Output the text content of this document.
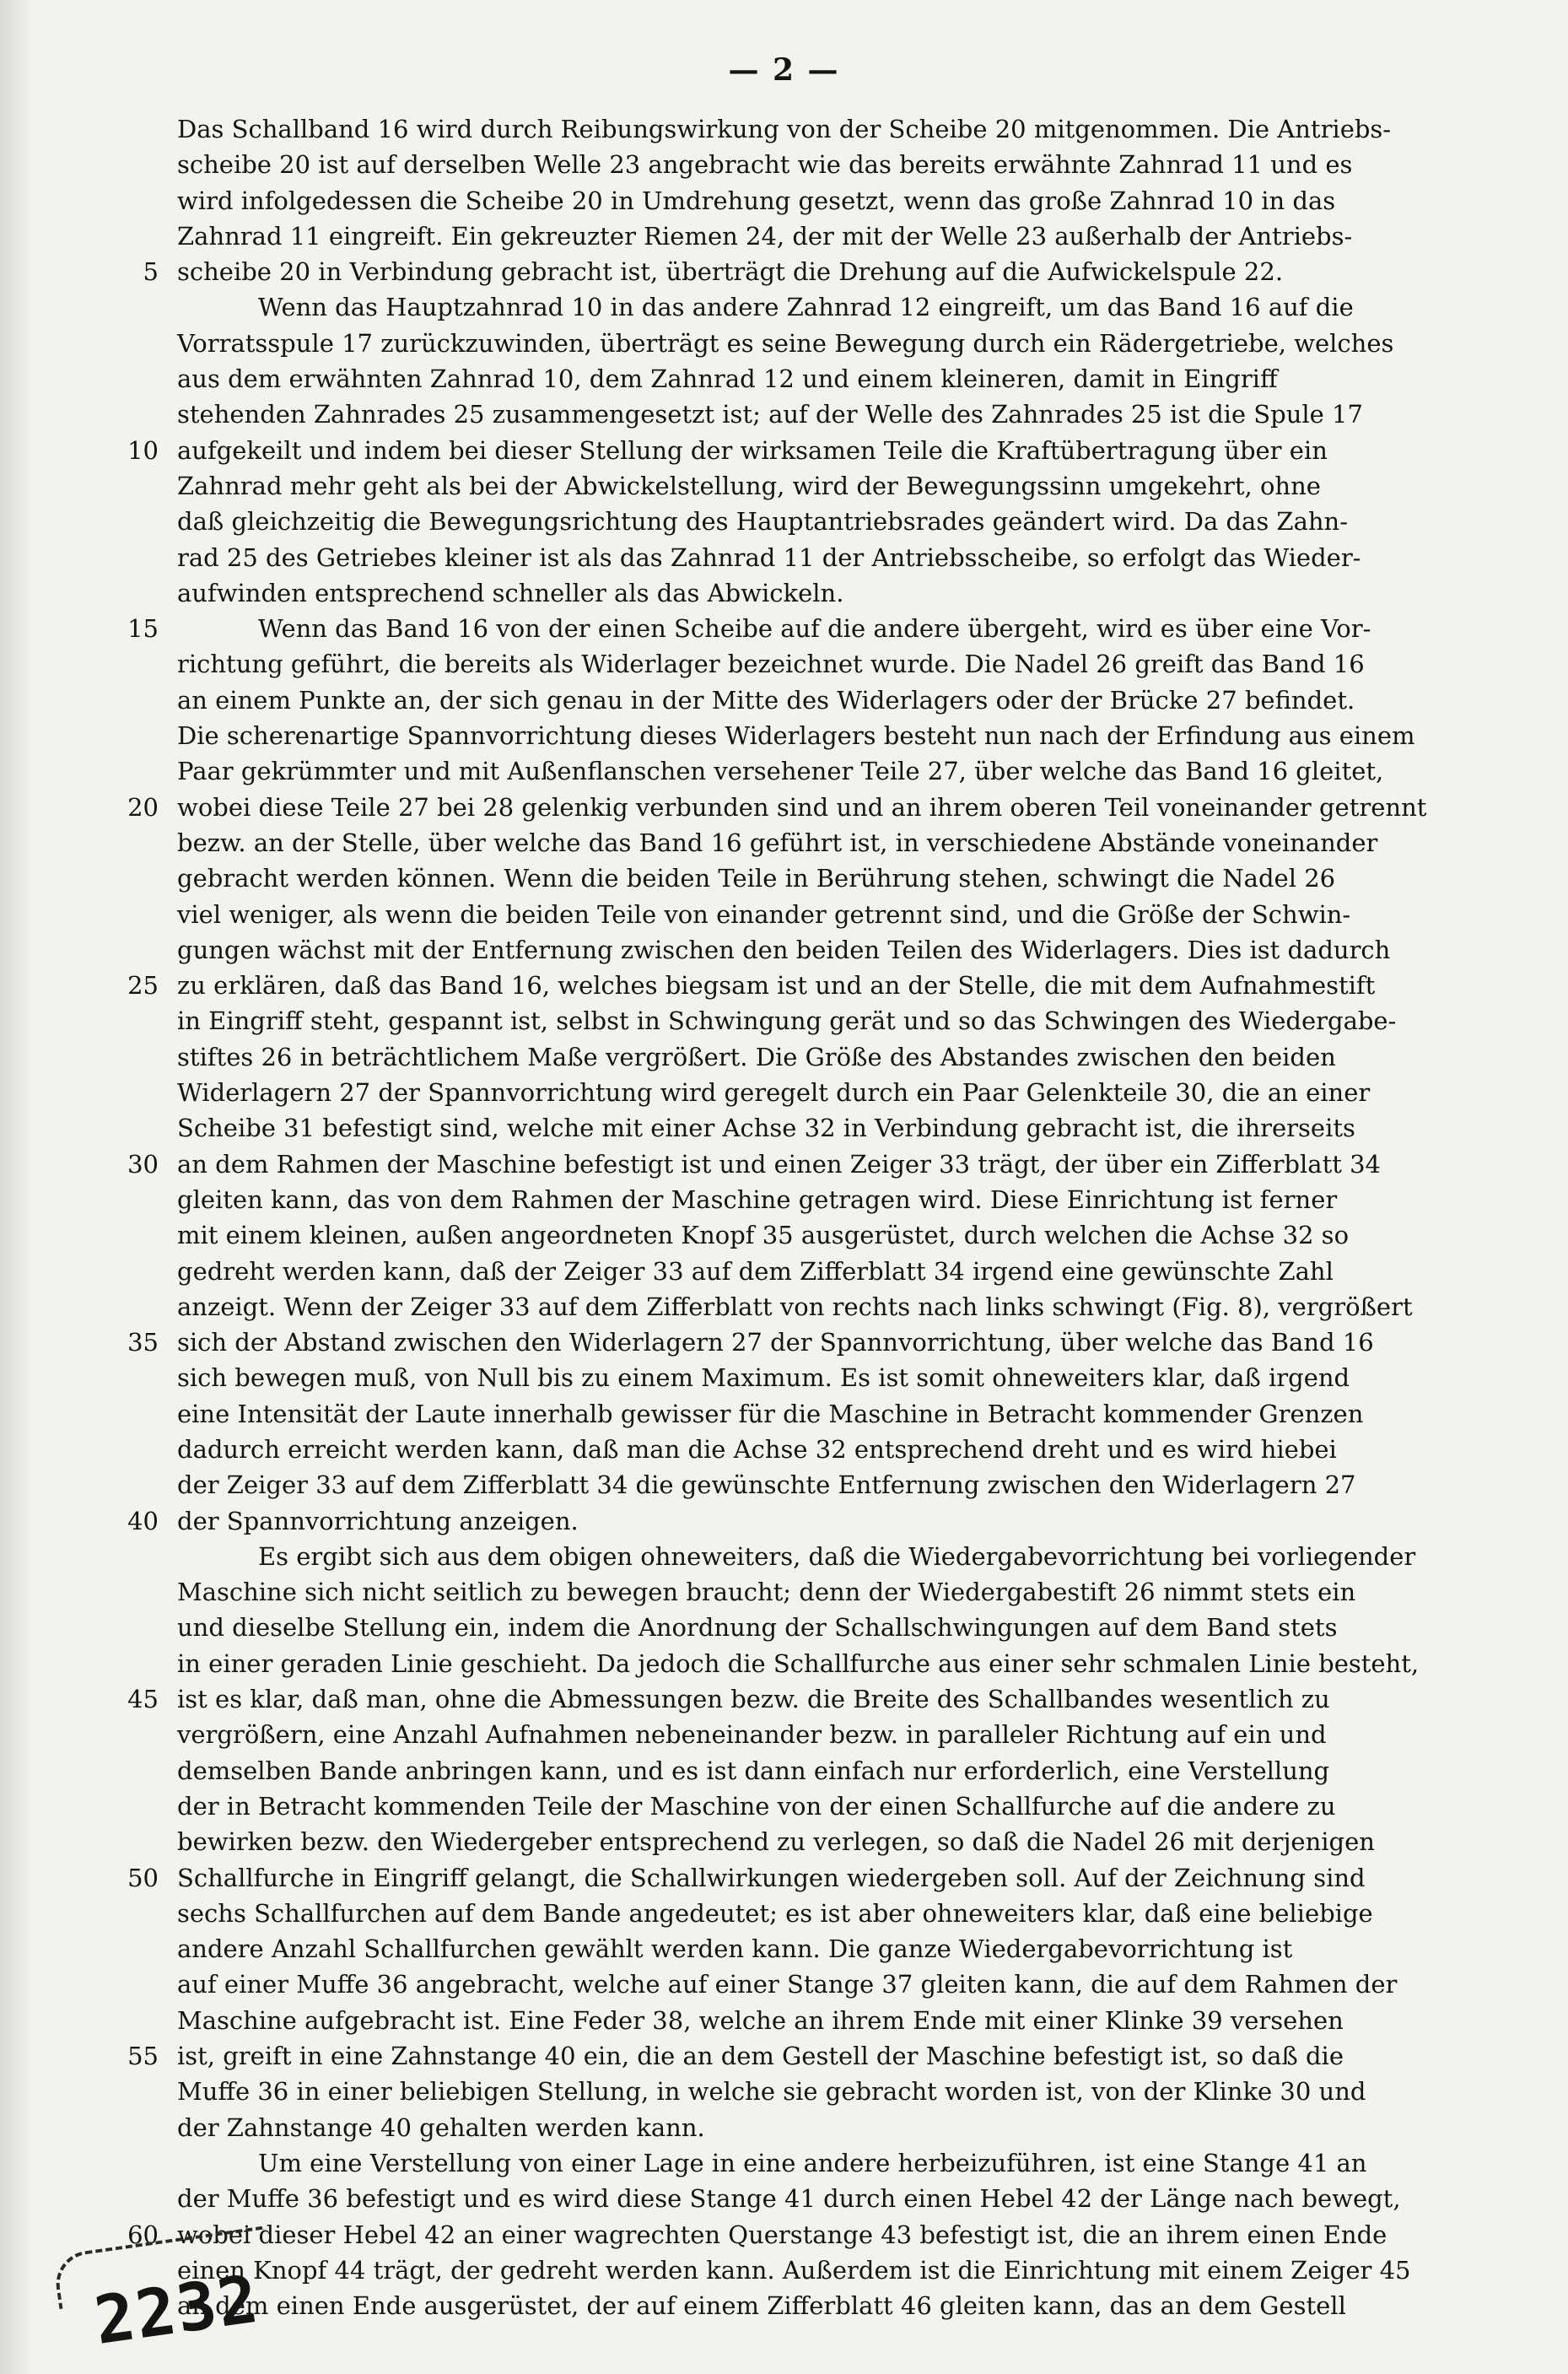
— 2 —
Das Schallband 16 wird durch Reibungswirkung von der Scheibe 20 mitgenommen. Die Antriebs-
scheibe 20 ist auf derselben Welle 23 angebracht wie das bereits erwähnte Zahnrad 11 und es
wird infolgedessen die Scheibe 20 in Umdrehung gesetzt, wenn das große Zahnrad 10 in das
Zahnrad 11 eingreift. Ein gekreuzter Riemen 24, der mit der Welle 23 außerhalb der Antriebs-
5 scheibe 20 in Verbindung gebracht ist, überträgt die Drehung auf die Aufwickelspule 22.
Wenn das Hauptzahnrad 10 in das andere Zahnrad 12 eingreift, um das Band 16 auf die
Vorratsspule 17 zurückzuwinden, überträgt es seine Bewegung durch ein Rädergetriebe, welches
aus dem erwähnten Zahnrad 10, dem Zahnrad 12 und einem kleineren, damit in Eingriff
stehenden Zahnrades 25 zusammengesetzt ist; auf der Welle des Zahnrades 25 ist die Spule 17
10 aufgekeilt und indem bei dieser Stellung der wirksamen Teile die Kraftübertragung über ein
Zahnrad mehr geht als bei der Abwickelstellung, wird der Bewegungssinn umgekehrt, ohne
daß gleichzeitig die Bewegungsrichtung des Hauptantriebsrades geändert wird. Da das Zahn-
rad 25 des Getriebes kleiner ist als das Zahnrad 11 der Antriebsscheibe, so erfolgt das Wieder-
aufwinden entsprechend schneller als das Abwickeln.
15	Wenn das Band 16 von der einen Scheibe auf die andere übergeht, wird es über eine Vor-
richtung geführt, die bereits als Widerlager bezeichnet wurde. Die Nadel 26 greift das Band 16
an einem Punkte an, der sich genau in der Mitte des Widerlagers oder der Brücke 27 befindet.
Die scherenartige Spannvorrichtung dieses Widerlagers besteht nun nach der Erfindung aus einem
Paar gekrümmter und mit Außenflanschen versehener Teile 27, über welche das Band 16 gleitet,
20 wobei diese Teile 27 bei 28 gelenkig verbunden sind und an ihrem oberen Teil voneinander getrennt
bezw. an der Stelle, über welche das Band 16 geführt ist, in verschiedene Abstände voneinander
gebracht werden können. Wenn die beiden Teile in Berührung stehen, schwingt die Nadel 26
viel weniger, als wenn die beiden Teile von einander getrennt sind, und die Größe der Schwin-
gungen wächst mit der Entfernung zwischen den beiden Teilen des Widerlagers. Dies ist dadurch
25 zu erklären, daß das Band 16, welches biegsam ist und an der Stelle, die mit dem Aufnahmestift
in Eingriff steht, gespannt ist, selbst in Schwingung gerät und so das Schwingen des Wiedergabe-
stiftes 26 in beträchtlichem Maße vergrößert. Die Größe des Abstandes zwischen den beiden
Widerlagern 27 der Spannvorrichtung wird geregelt durch ein Paar Gelenkteile 30, die an einer
Scheibe 31 befestigt sind, welche mit einer Achse 32 in Verbindung gebracht ist, die ihrerseits
30 an dem Rahmen der Maschine befestigt ist und einen Zeiger 33 trägt, der über ein Zifferblatt 34
gleiten kann, das von dem Rahmen der Maschine getragen wird. Diese Einrichtung ist ferner
mit einem kleinen, außen angeordneten Knopf 35 ausgerüstet, durch welchen die Achse 32 so
gedreht werden kann, daß der Zeiger 33 auf dem Zifferblatt 34 irgend eine gewünschte Zahl
anzeigt. Wenn der Zeiger 33 auf dem Zifferblatt von rechts nach links schwingt (Fig. 8), vergrößert
35 sich der Abstand zwischen den Widerlagern 27 der Spannvorrichtung, über welche das Band 16
sich bewegen muß, von Null bis zu einem Maximum. Es ist somit ohneweiters klar, daß irgend
eine Intensität der Laute innerhalb gewisser für die Maschine in Betracht kommender Grenzen
dadurch erreicht werden kann, daß man die Achse 32 entsprechend dreht und es wird hiebei
der Zeiger 33 auf dem Zifferblatt 34 die gewünschte Entfernung zwischen den Widerlagern 27
40 der Spannvorrichtung anzeigen.
Es ergibt sich aus dem obigen ohneweiters, daß die Wiedergabevorrichtung bei vorliegender
Maschine sich nicht seitlich zu bewegen braucht; denn der Wiedergabestift 26 nimmt stets ein
und dieselbe Stellung ein, indem die Anordnung der Schallschwingungen auf dem Band stets
in einer geraden Linie geschieht. Da jedoch die Schallfurche aus einer sehr schmalen Linie besteht,
45 ist es klar, daß man, ohne die Abmessungen bezw. die Breite des Schallbandes wesentlich zu
vergrößern, eine Anzahl Aufnahmen nebeneinander bezw. in paralleler Richtung auf ein und
demselben Bande anbringen kann, und es ist dann einfach nur erforderlich, eine Verstellung
der in Betracht kommenden Teile der Maschine von der einen Schallfurche auf die andere zu
bewirken bezw. den Wiedergeber entsprechend zu verlegen, so daß die Nadel 26 mit derjenigen
50 Schallfurche in Eingriff gelangt, die Schallwirkungen wiedergeben soll. Auf der Zeichnung sind
sechs Schallfurchen auf dem Bande angedeutet; es ist aber ohneweiters klar, daß eine beliebige
andere Anzahl Schallfurchen gewählt werden kann. Die ganze Wiedergabevorrichtung ist
auf einer Muffe 36 angebracht, welche auf einer Stange 37 gleiten kann, die auf dem Rahmen der
Maschine aufgebracht ist. Eine Feder 38, welche an ihrem Ende mit einer Klinke 39 versehen
55 ist, greift in eine Zahnstange 40 ein, die an dem Gestell der Maschine befestigt ist, so daß die
Muffe 36 in einer beliebigen Stellung, in welche sie gebracht worden ist, von der Klinke 30 und
der Zahnstange 40 gehalten werden kann.
Um eine Verstellung von einer Lage in eine andere herbeizuführen, ist eine Stange 41 an
der Muffe 36 befestigt und es wird diese Stange 41 durch einen Hebel 42 der Länge nach bewegt,
60 wobei dieser Hebel 42 an einer wagrechten Querstange 43 befestigt ist, die an ihrem einen Ende
einen Knopf 44 trägt, der gedreht werden kann. Außerdem ist die Einrichtung mit einem Zeiger 45
an dem einen Ende ausgerüstet, der auf einem Zifferblatt 46 gleiten kann, das an dem Gestell
2232
